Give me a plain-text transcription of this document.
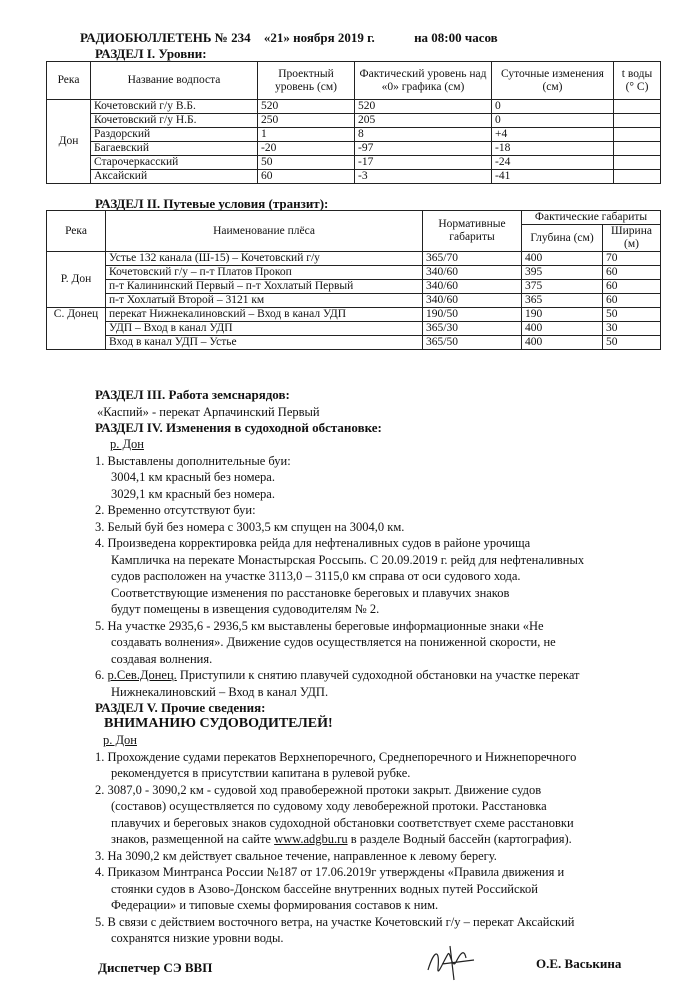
РАДИОБЮЛЛЕТЕНЬ № 234 «21» ноября 2019 г.	на 08:00 часов
РАЗДЕЛ I. Уровни:
Река	Название водпоста	Проектный уровень (см)	Фактический уровень над «0» графика (см)	Суточные изменения (см)	t воды (° С)
Дон	Кочетовский г/у В.Б.	520	520	0	
	Кочетовский г/у Н.Б.	250	205	0	
	Раздорский	1	8	+4	
	Багаевский	-20	-97	-18	
	Старочеркасский	50	-17	-24	
	Аксайский	60	-3	-41	
РАЗДЕЛ II. Путевые условия (транзит):
Река	Наименование плёса	Нормативные габариты	Фактические габариты	
			Глубина (см)	Ширина (м)
Р. Дон	Устье 132 канала (Ш-15) – Кочетовский г/у	365/70	400	70
	Кочетовский г/у – п-т Платов Прокоп	340/60	395	60
	п-т Калининский Первый – п-т Хохлатый Первый	340/60	375	60
	п-т Хохлатый Второй – 3121 км	340/60	365	60
С. Донец	перекат Нижнекалиновский – Вход в канал УДП	190/50	190	50
	УДП – Вход в канал УДП	365/30	400	30
	Вход в канал УДП – Устье	365/50	400	50
РАЗДЕЛ III. Работа земснарядов:
«Каспий» - перекат Арпачинский Первый
РАЗДЕЛ IV. Изменения в судоходной обстановке:
р. Дон
1. Выставлены дополнительные буи:
3004,1 км красный без номера.
3029,1 км красный без номера.
2. Временно отсутствуют буи:
3. Белый буй без номера с 3003,5 км спущен на 3004,0 км.
4. Произведена корректировка рейда для нефтеналивных судов в районе урочища
Кампличка на перекате Монастырская Россыпь. С 20.09.2019 г. рейд для нефтеналивных
судов расположен на участке 3113,0 – 3115,0 км справа от оси судового хода.
Соответствующие изменения по расстановке береговых и плавучих знаков
будут помещены в извещения судоводителям № 2.
5. На участке 2935,6 - 2936,5 км выставлены береговые информационные знаки «Не
создавать волнения». Движение судов осуществляется на пониженной скорости, не
создавая волнения.
6. р.Сев.Донец. Приступили к снятию плавучей судоходной обстановки на участке перекат
Нижнекалиновский – Вход в канал УДП.
РАЗДЕЛ V. Прочие сведения:
ВНИМАНИЮ СУДОВОДИТЕЛЕЙ!
р. Дон
1. Прохождение судами перекатов Верхнепоречного, Среднепоречного и Нижнепоречного
рекомендуется в присутствии капитана в рулевой рубке.
2. 3087,0 - 3090,2 км - судовой ход правобережной протоки закрыт. Движение судов
(составов) осуществляется по судовому ходу левобережной протоки. Расстановка
плавучих и береговых знаков судоходной обстановки соответствует схеме расстановки
знаков, размещенной на сайте www.adgbu.ru в разделе Водный бассейн (картография).
3. На 3090,2 км действует свальное течение, направленное к левому берегу.
4. Приказом Минтранса России №187 от 17.06.2019г утверждены «Правила движения и
стоянки судов в Азово-Донском бассейне внутренних водных путей Российской
Федерации» и типовые схемы формирования составов к ним.
5. В связи с действием восточного ветра, на участке Кочетовский г/у – перекат Аксайский
сохранятся низкие уровни воды.
Диспетчер СЭ ВВП	О.Е. Васькина
